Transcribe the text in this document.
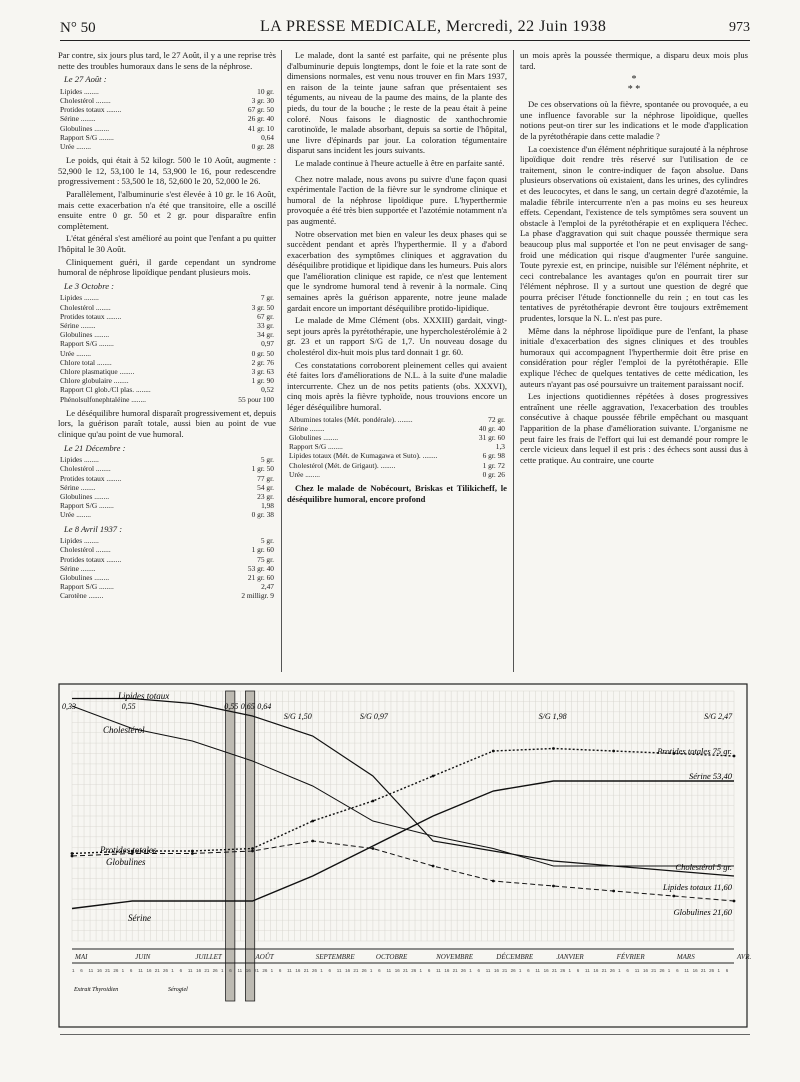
N° 50	LA PRESSE MEDICALE, Mercredi, 22 Juin 1938	973

Par contre, six jours plus tard, le 27 Août, il y a une reprise très nette des troubles humoraux dans le sens de la néphrose.

Le 27 Août :
Lipides ........	10 gr.
Cholestérol ........	3 gr. 30
Protides totaux ........	67 gr. 50
Sérine ........	26 gr. 40
Globulines ........	41 gr. 10
Rapport S/G ........	0,64
Urée ........	0 gr. 28

Le poids, qui était à 52 kilogr. 500 le 10 Août, augmente : 52,900 le 12, 53,100 le 14, 53,900 le 16, pour redescendre progressivement : 53,500 le 18, 52,600 le 20, 52,000 le 26.

Parallèlement, l'albuminurie s'est élevée à 10 gr. le 16 Août, mais cette exacerbation n'a été que transitoire, elle a oscillé ensuite entre 0 gr. 50 et 2 gr. pour disparaître enfin complètement.

L'état général s'est amélioré au point que l'enfant a pu quitter l'hôpital le 30 Août.

Cliniquement guéri, il garde cependant un syndrome humoral de néphrose lipoïdique pendant plusieurs mois.

Le 3 Octobre :
Lipides ........	7 gr.
Cholestérol ........	3 gr. 50
Protides totaux ........	67 gr.
Sérine ........	33 gr.
Globulines ........	34 gr.
Rapport S/G ........	0,97
Urée ........	0 gr. 50
Chlore total ........	2 gr. 76
Chlore plasmatique ........	3 gr. 63
Chlore globulaire ........	1 gr. 90
Rapport Cl glob./Cl plas. ........	0,52
Phénolsulfonephtaléine ........	55 pour 100

Le déséquilibre humoral disparaît progressivement et, depuis lors, la guérison paraît totale, aussi bien au point de vue clinique qu'au point de vue humoral.

Le 21 Décembre :
Lipides ........	5 gr.
Cholestérol ........	1 gr. 50
Protides totaux ........	77 gr.
Sérine ........	54 gr.
Globulines ........	23 gr.
Rapport S/G ........	1,98
Urée ........	0 gr. 38
Le 8 Avril 1937 :
Lipides ........	5 gr.
Cholestérol ........	1 gr. 60
Protides totaux ........	75 gr.
Sérine ........	53 gr. 40
Globulines ........	21 gr. 60
Rapport S/G ........	2,47
Carotène ........	2 milligr. 9

Le malade, dont la santé est parfaite, qui ne présente plus d'albuminurie depuis longtemps, dont le foie et la rate sont de dimensions normales, est venu nous trouver en fin Mars 1937, en raison de la teinte jaune safran que présentaient ses téguments, au niveau de la paume des mains, de la plante des pieds, du tour de la bouche ; le reste de la peau était à peine coloré. Nous faisons le diagnostic de xanthochromie carotinoïde, le malade absorbant, depuis sa sortie de l'hôpital, une livre d'épinards par jour. La coloration tégumentaire disparut sans incident les jours suivants.

Le malade continue à l'heure actuelle à être en parfaite santé.

Chez notre malade, nous avons pu suivre d'une façon quasi expérimentale l'action de la fièvre sur le syndrome clinique et humoral de la néphrose lipoïdique pure. L'hyperthermie provoquée a été très bien supportée et l'azotémie notamment n'a pas augmenté.

Notre observation met bien en valeur les deux phases qui se succèdent pendant et après l'hyperthermie. Il y a d'abord exacerbation des symptômes cliniques et aggravation du déséquilibre protidique et lipidique dans les humeurs. Puis alors que l'amélioration clinique est rapide, ce n'est que lentement que le syndrome humoral tend à revenir à la normale. Cinq semaines après la guérison apparente, notre jeune malade gardait encore un important déséquilibre protido-lipidique.

Le malade de Mme Clément (obs. XXXIII) gardait, vingt-sept jours après la pyrétothérapie, une hypercholestérolémie à 2 gr. 23 et un rapport S/G de 1,7. Un nouveau dosage du cholestérol dix-huit mois plus tard donnait 1 gr. 60.

Ces constatations corroborent pleinement celles qui avaient été faites lors d'améliorations de N.L. à la suite d'une maladie intercurrente. Chez un de nos petits patients (obs. XXXVI), cinq mois après la fièvre typhoïde, nous trouvions encore un léger déséquilibre humoral.

Albumines totales (Mét. pondérale). ........	72 gr.
Sérine ........	40 gr. 40
Globulines ........	31 gr. 60
Rapport S/G ........	1,3
Lipides totaux (Mét. de Kumagawa et Suto). ........	6 gr. 98
Cholestérol (Mét. de Grigaut). ........	1 gr. 72
Urée ........	0 gr. 26

Chez le malade de Nobécourt, Briskas et Tilikicheff, le déséquilibre humoral, encore profond

un mois après la poussée thermique, a disparu deux mois plus tard.

*
* *

De ces observations où la fièvre, spontanée ou provoquée, a eu une influence favorable sur la néphrose lipoïdique, quelles notions peut-on tirer sur les indications et le mode d'application de la pyrétothérapie dans cette maladie ?

La coexistence d'un élément néphritique surajouté à la néphrose lipoïdique doit rendre très réservé sur l'utilisation de ce traitement, sinon le contre-indiquer de façon absolue. Dans plusieurs observations où existaient, dans les urines, des cylindres et des leucocytes, et dans le sang, un certain degré d'azotémie, la maladie fébrile intercurrente n'en a pas moins eu ses heureux effets. Cependant, l'existence de tels symptômes sera souvent un obstacle à l'emploi de la pyrétothérapie et en expliquera l'échec. La phase d'aggravation qui suit chaque poussée thermique sera beaucoup plus mal supportée et l'on ne peut envisager de sang-froid une médication qui risque d'augmenter l'urée sanguine. Toute pyrexie est, en principe, nuisible sur l'élément néphrite, et ceci contrebalance les avantages qu'on en pourrait tirer sur l'élément néphrose. Il y a surtout une question de degré que pourra préciser l'étude fonctionnelle du rein ; en tout cas les tentatives de pyrétothérapie devront être toujours extrêmement prudentes, lorsque la N. L. n'est pas pure.

Même dans la néphrose lipoïdique pure de l'enfant, la phase initiale d'exacerbation des signes cliniques et des troubles humoraux qui accompagnent l'hyperthermie doit être prise en considération pour régler l'emploi de la pyrétothérapie. Elle explique l'échec de quelques tentatives de cette médication, les auteurs n'ayant pas osé poursuivre un traitement paraissant nocif.

Les injections quotidiennes répétées à doses progressives entraînent une réelle aggravation, l'exacerbation des troubles consécutive à chaque poussée fébrile empêchant ou masquant l'apparition de la phase d'amélioration suivante. L'organisme ne peut faire les frais de l'effort qui lui est demandé pour rompre le cercle vicieux dans lequel il est pris : des échecs sont aussi dus à cette pratique. Au contraire, une courte

MAI	JUIN	JUILLET	AOÛT	SEPTEMBRE	OCTOBRE	NOVEMBRE	DÉCEMBRE	JANVIER	FÉVRIER	MARS	AVR.
1 6 11 16 21 26 1 6 11 16 21 26 1 6 11 16 21 26 1 6 11 16 21 26 1 6 11 16 21 26 1 6 11 16 21 26 1 6 11 16 21 26 1 6 11 16 21 26 1 6 11 16 21 26 1 6 11 16 21 26 1 6 11 16 21 26 1 6 11 16 21 26 1 6 11 16 21 26 1 6
Extrait Thyroidien	Sérogiel
0,33	0,55	0,55 0,65 0,64
S/G 1,50	S/G 0,97	S/G 1,98	S/G 2,47
Lipides totaux
Cholestérol
Protides totales
Globulines
Sérine
Lipides totaux 11,60
Cholestérol 5 gr.
Protides totales 75 gr.
Globulines 21,60
Sérine 53,40
